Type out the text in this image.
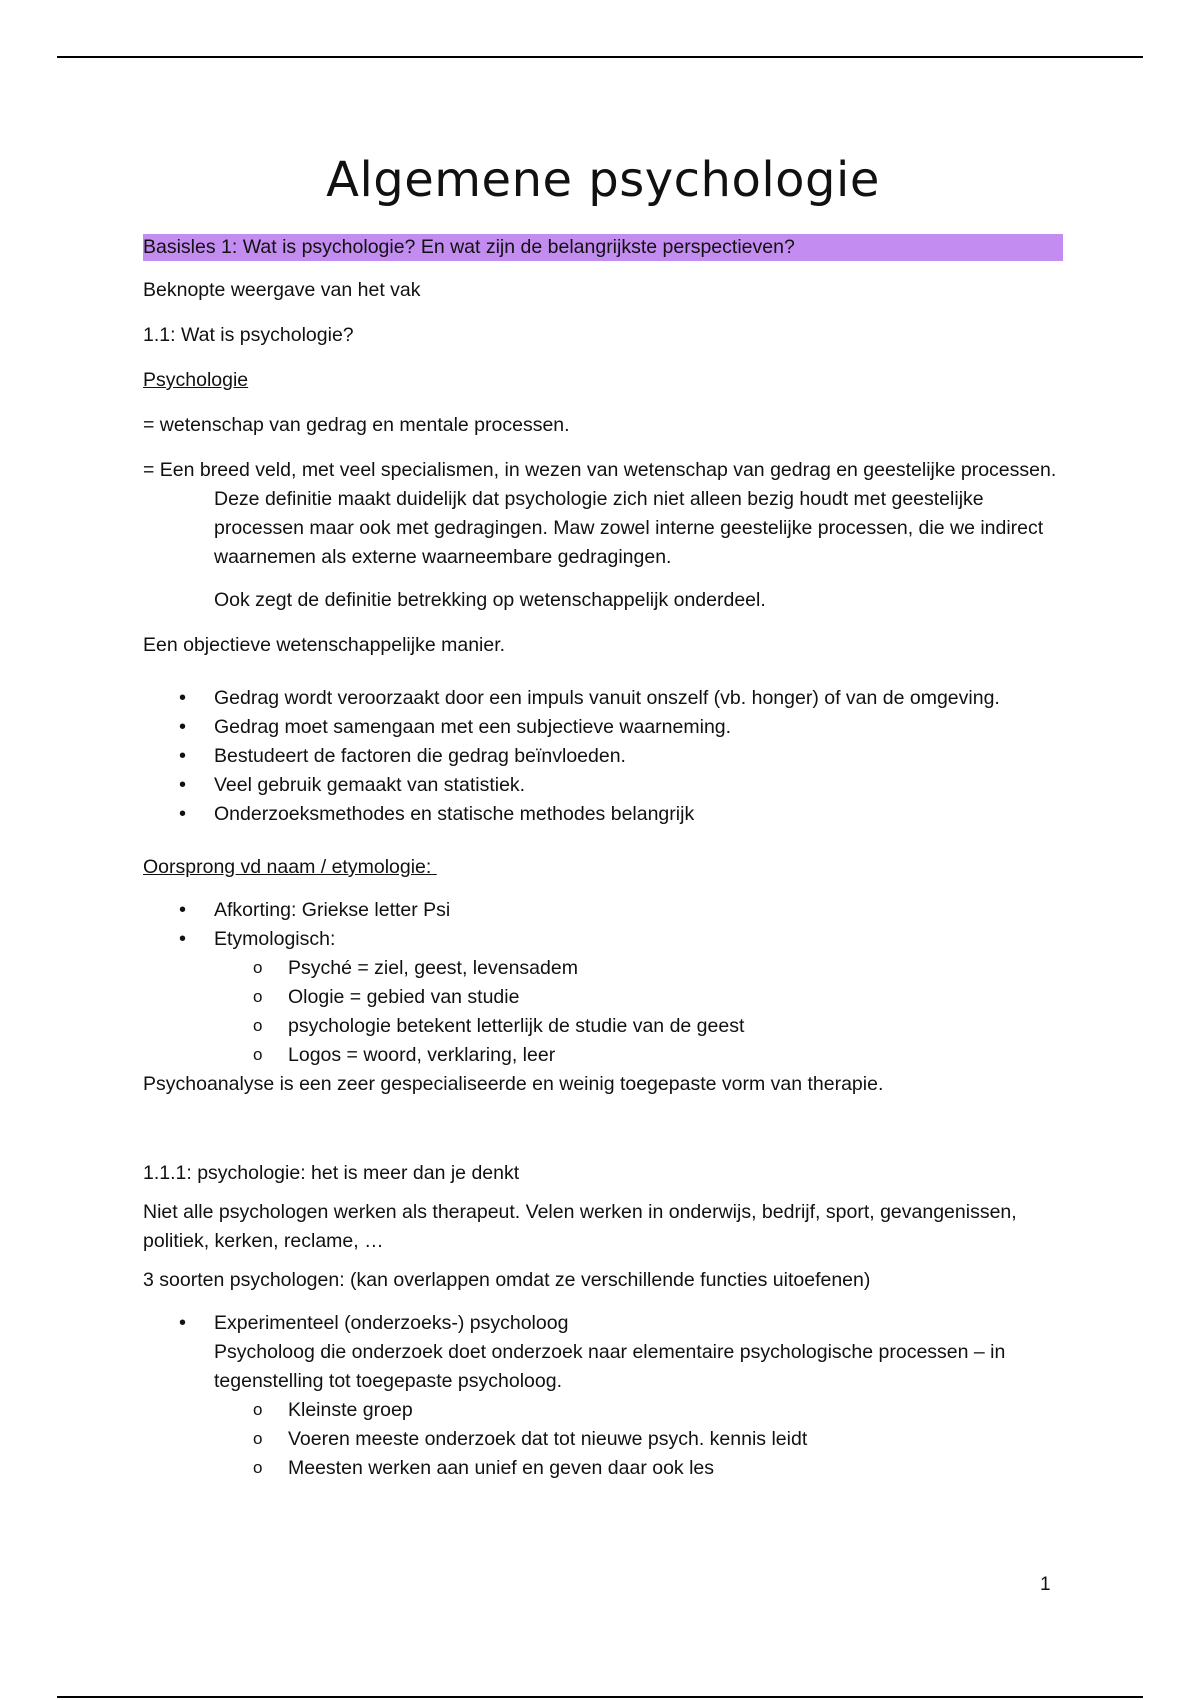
Algemene psychologie

Basisles 1: Wat is psychologie? En wat zijn de belangrijkste perspectieven?

Beknopte weergave van het vak

1.1: Wat is psychologie?

Psychologie

= wetenschap van gedrag en mentale processen.

= Een breed veld, met veel specialismen, in wezen van wetenschap van gedrag en geestelijke processen.

Deze definitie maakt duidelijk dat psychologie zich niet alleen bezig houdt met geestelijke processen maar ook met gedragingen. Maw zowel interne geestelijke processen, die we indirect waarnemen als externe waarneembare gedragingen.

Ook zegt de definitie betrekking op wetenschappelijk onderdeel.

Een objectieve wetenschappelijke manier.

• Gedrag wordt veroorzaakt door een impuls vanuit onszelf (vb. honger) of van de omgeving.
• Gedrag moet samengaan met een subjectieve waarneming.
• Bestudeert de factoren die gedrag beïnvloeden.
• Veel gebruik gemaakt van statistiek.
• Onderzoeksmethodes en statische methodes belangrijk

Oorsprong vd naam / etymologie:

• Afkorting: Griekse letter Psi
• Etymologisch:
o Psyché = ziel, geest, levensadem
o Ologie = gebied van studie
o psychologie betekent letterlijk de studie van de geest
o Logos = woord, verklaring, leer

Psychoanalyse is een zeer gespecialiseerde en weinig toegepaste vorm van therapie.

1.1.1: psychologie: het is meer dan je denkt

Niet alle psychologen werken als therapeut. Velen werken in onderwijs, bedrijf, sport, gevangenissen, politiek, kerken, reclame, …

3 soorten psychologen: (kan overlappen omdat ze verschillende functies uitoefenen)

• Experimenteel (onderzoeks-) psycholoog
Psycholoog die onderzoek doet onderzoek naar elementaire psychologische processen – in tegenstelling tot toegepaste psycholoog.
o Kleinste groep
o Voeren meeste onderzoek dat tot nieuwe psych. kennis leidt
o Meesten werken aan unief en geven daar ook les
1
